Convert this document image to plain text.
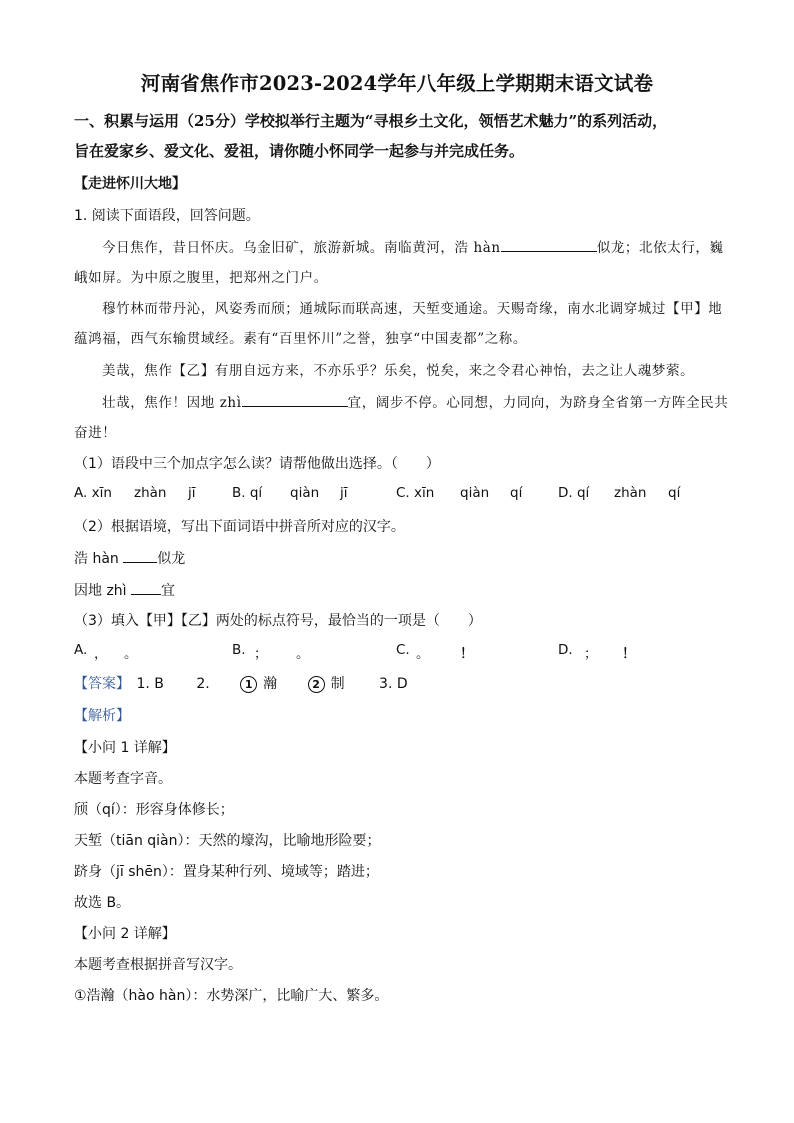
河南省焦作市2023-2024学年八年级上学期期末语文试卷
一、积累与运用（25分）学校拟举行主题为“寻根乡土文化，领悟艺术魅力”的系列活动，
旨在爱家乡、爱文化、爱祖，请你随小怀同学一起参与并完成任务。
【走进怀川大地】
1. 阅读下面语段，回答问题。
今日焦作，昔日怀庆。乌金旧矿，旅游新城。南临黄河，浩 hàn	似龙；北依太行，巍
峨如屏。为中原之腹里，把郑州之门户。
穆竹林而带丹沁，风姿秀而颀；通城际而联高速，天堑变通途。天赐奇缘，南水北调穿城过【甲】地
蕴鸿福，西气东输贯域经。素有“百里怀川”之誉，独享“中国麦都”之称。
美哉，焦作【乙】有朋自远方来，不亦乐乎？乐矣，悦矣，来之令君心神怡，去之让人魂梦萦。
壮哉，焦作！因地 zhì	宜，阔步不停。心同想，力同向，为跻身全省第一方阵全民共
奋进！
（1）语段中三个加点字怎么读？请帮他做出选择。（　　）
A. xīn zhàn jī	B. qí qiàn jī	C. xīn qiàn qí	D. qí zhàn qí
（2）根据语境，写出下面词语中拼音所对应的汉字。
浩 hàn	似龙
因地 zhì 宜
（3）填入【甲】【乙】两处的标点符号，最恰当的一项是（　　）
A. ， 。	B. ； 。	C. 。 ！	D. ； ！
【答案】 1. B 2.	1 瀚	2 制 3. D
【解析】
【小问 1 详解】
本题考查字音。
颀（qí）：形容身体修长；
天堑（tiān qiàn）：天然的壕沟，比喻地形险要；
跻身（jī shēn）：置身某种行列、境域等；踏进；
故选 B。
【小问 2 详解】
本题考查根据拼音写汉字。
①浩瀚（hào hàn）：水势深广，比喻广大、繁多。
